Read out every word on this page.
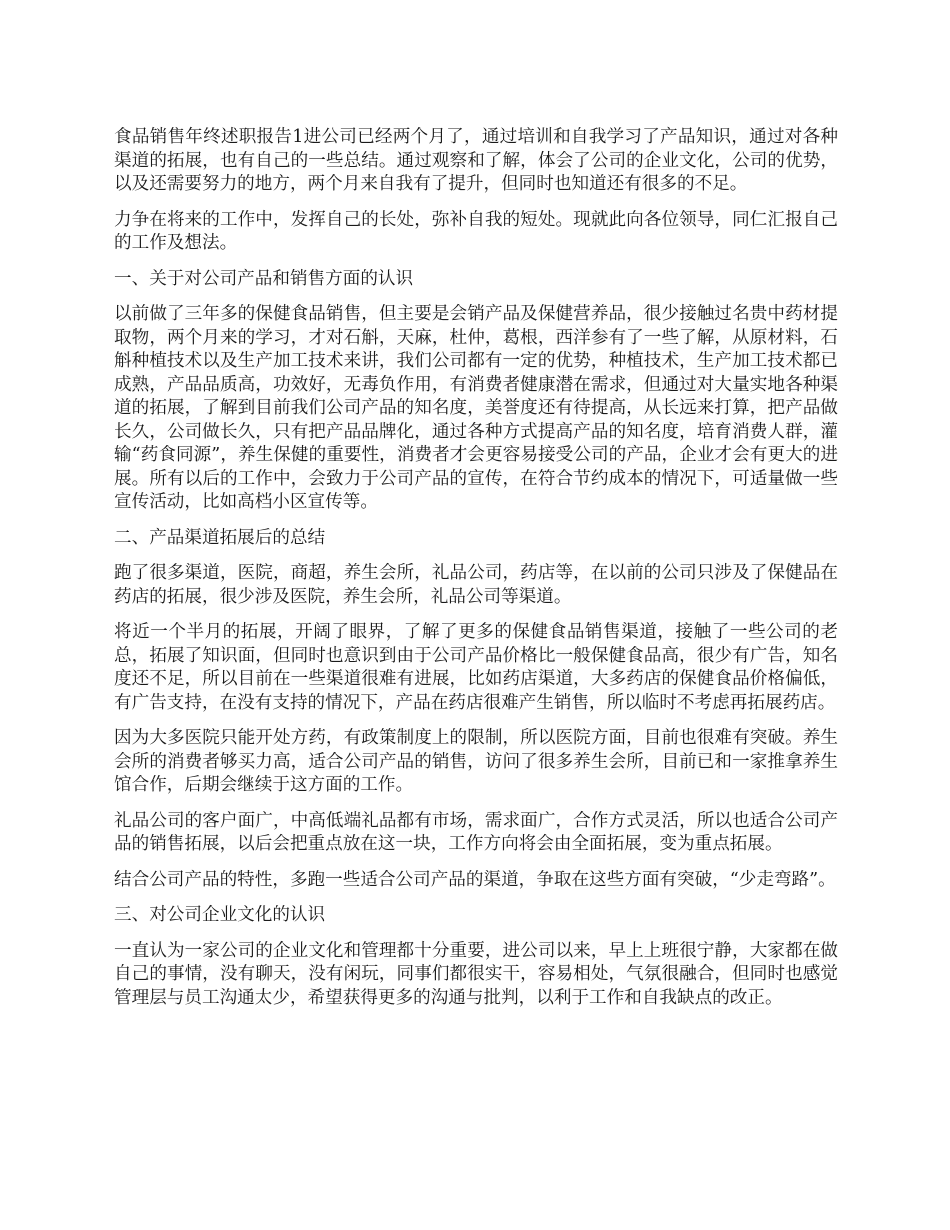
食品销售年终述职报告1进公司已经两个月了，通过培训和自我学习了产品知识，通过对各种渠道的拓展，也有自己的一些总结。通过观察和了解，体会了公司的企业文化，公司的优势，以及还需要努力的地方，两个月来自我有了提升，但同时也知道还有很多的不足。

力争在将来的工作中，发挥自己的长处，弥补自我的短处。现就此向各位领导，同仁汇报自己的工作及想法。

一、关于对公司产品和销售方面的认识

以前做了三年多的保健食品销售，但主要是会销产品及保健营养品，很少接触过名贵中药材提取物，两个月来的学习，才对石斛，天麻，杜仲，葛根，西洋参有了一些了解，从原材料，石斛种植技术以及生产加工技术来讲，我们公司都有一定的优势，种植技术，生产加工技术都已成熟，产品品质高，功效好，无毒负作用，有消费者健康潜在需求，但通过对大量实地各种渠道的拓展，了解到目前我们公司产品的知名度，美誉度还有待提高，从长远来打算，把产品做长久，公司做长久，只有把产品品牌化，通过各种方式提高产品的知名度，培育消费人群，灌输“药食同源”，养生保健的重要性，消费者才会更容易接受公司的产品，企业才会有更大的进展。所有以后的工作中，会致力于公司产品的宣传，在符合节约成本的情况下，可适量做一些宣传活动，比如高档小区宣传等。

二、产品渠道拓展后的总结

跑了很多渠道，医院，商超，养生会所，礼品公司，药店等，在以前的公司只涉及了保健品在药店的拓展，很少涉及医院，养生会所，礼品公司等渠道。

将近一个半月的拓展，开阔了眼界，了解了更多的保健食品销售渠道，接触了一些公司的老总，拓展了知识面，但同时也意识到由于公司产品价格比一般保健食品高，很少有广告，知名度还不足，所以目前在一些渠道很难有进展，比如药店渠道，大多药店的保健食品价格偏低，有广告支持，在没有支持的情况下，产品在药店很难产生销售，所以临时不考虑再拓展药店。

因为大多医院只能开处方药，有政策制度上的限制，所以医院方面，目前也很难有突破。养生会所的消费者够买力高，适合公司产品的销售，访问了很多养生会所，目前已和一家推拿养生馆合作，后期会继续于这方面的工作。

礼品公司的客户面广，中高低端礼品都有市场，需求面广，合作方式灵活，所以也适合公司产品的销售拓展，以后会把重点放在这一块，工作方向将会由全面拓展，变为重点拓展。

结合公司产品的特性，多跑一些适合公司产品的渠道，争取在这些方面有突破，“少走弯路”。

三、对公司企业文化的认识

一直认为一家公司的企业文化和管理都十分重要，进公司以来，早上上班很宁静，大家都在做自己的事情，没有聊天，没有闲玩，同事们都很实干，容易相处，气氛很融合，但同时也感觉管理层与员工沟通太少，希望获得更多的沟通与批判，以利于工作和自我缺点的改正。
